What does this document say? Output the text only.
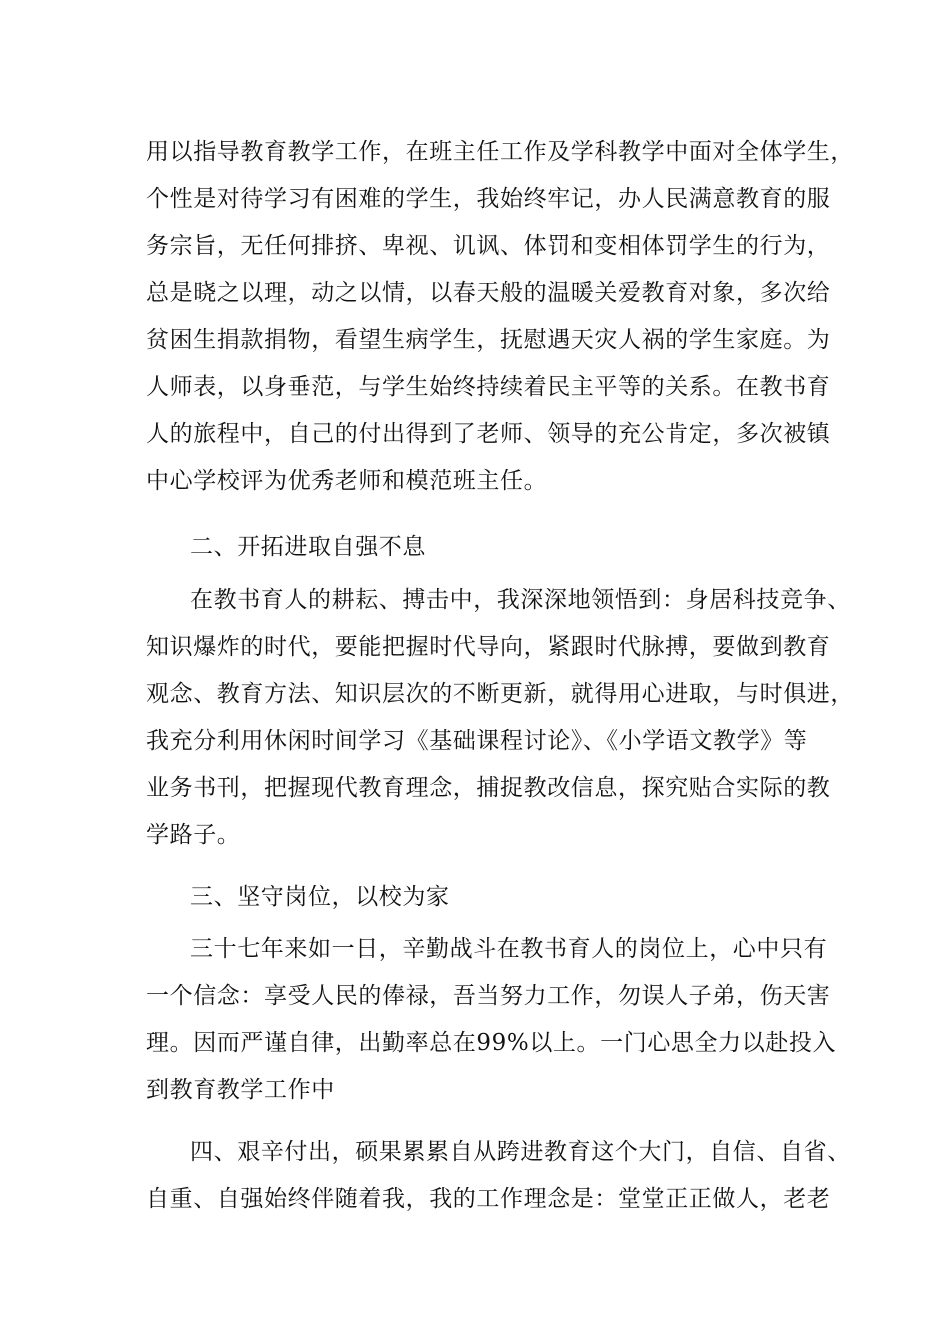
用以指导教育教学工作，在班主任工作及学科教学中面对全体学生，
个性是对待学习有困难的学生，我始终牢记，办人民满意教育的服
务宗旨，无任何排挤、卑视、讥讽、体罚和变相体罚学生的行为，
总是晓之以理，动之以情，以春天般的温暖关爱教育对象，多次给
贫困生捐款捐物，看望生病学生，抚慰遇天灾人祸的学生家庭。为
人师表，以身垂范，与学生始终持续着民主平等的关系。在教书育
人的旅程中，自己的付出得到了老师、领导的充公肯定，多次被镇
中心学校评为优秀老师和模范班主任。
二、开拓进取自强不息
在教书育人的耕耘、搏击中，我深深地领悟到：身居科技竞争、
知识爆炸的时代，要能把握时代导向，紧跟时代脉搏，要做到教育
观念、教育方法、知识层次的不断更新，就得用心进取，与时俱进，
我充分利用休闲时间学习《基础课程讨论》、《小学语文教学》等
业务书刊，把握现代教育理念，捕捉教改信息，探究贴合实际的教
学路子。
三、坚守岗位，以校为家
三十七年来如一日，辛勤战斗在教书育人的岗位上，心中只有
一个信念：享受人民的俸禄，吾当努力工作，勿误人子弟，伤天害
理。因而严谨自律，出勤率总在99%以上。一门心思全力以赴投入
到教育教学工作中
四、艰辛付出，硕果累累自从跨进教育这个大门，自信、自省、
自重、自强始终伴随着我，我的工作理念是：堂堂正正做人，老老
